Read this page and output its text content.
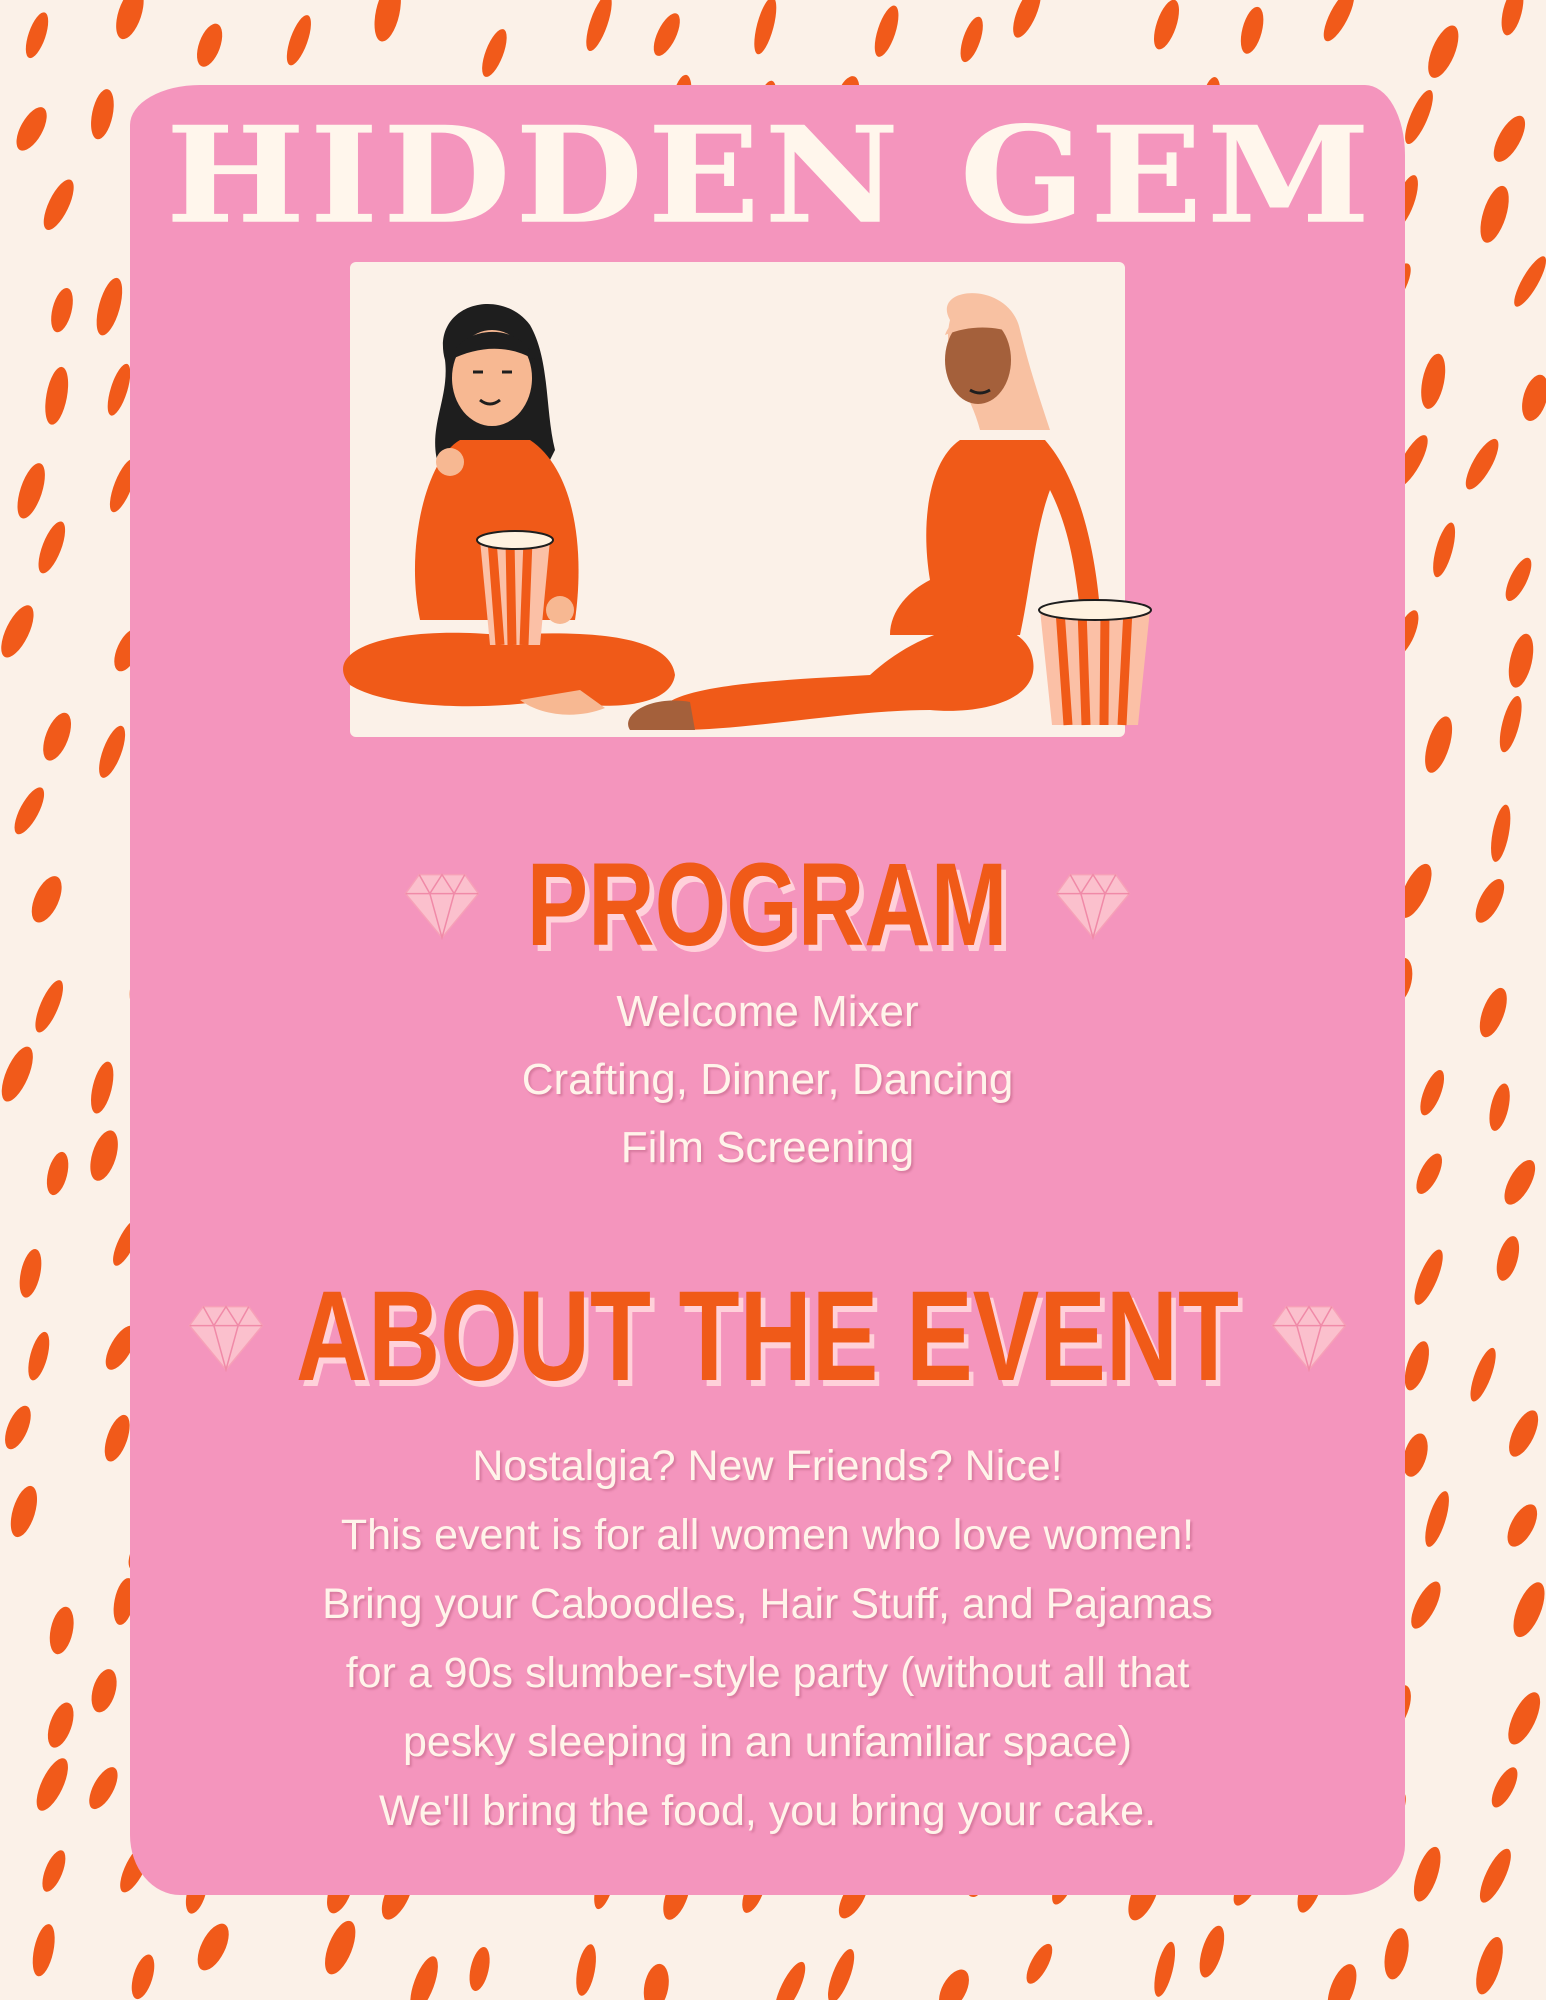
HIDDEN GEM
PROGRAM
Welcome Mixer
Crafting, Dinner, Dancing
Film Screening
ABOUT THE EVENT
Nostalgia? New Friends? Nice!
This event is for all women who love women!
Bring your Caboodles, Hair Stuff, and Pajamas
for a 90s slumber-style party (without all that
pesky sleeping in an unfamiliar space)
We'll bring the food, you bring your cake.
